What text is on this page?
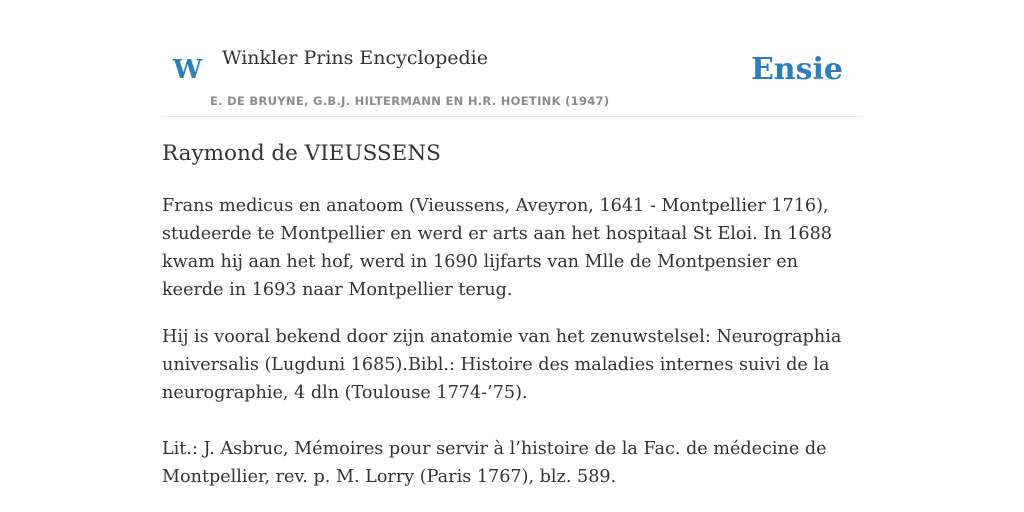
W Winkler Prins Encyclopedie
E. DE BRUYNE, G.B.J. HILTERMANN EN H.R. HOETINK (1947)
Ensie
Raymond de VIEUSSENS

Frans medicus en anatoom (Vieussens, Aveyron, 1641 - Montpellier 1716), studeerde te Montpellier en werd er arts aan het hospitaal St Eloi. In 1688 kwam hij aan het hof, werd in 1690 lijfarts van Mlle de Montpensier en keerde in 1693 naar Montpellier terug.

Hij is vooral bekend door zijn anatomie van het zenuwstelsel: Neurographia universalis (Lugduni 1685).Bibl.: Histoire des maladies internes suivi de la neurographie, 4 dln (Toulouse 1774-’75).

Lit.: J. Asbruc, Mémoires pour servir à l’histoire de la Fac. de médecine de Montpellier, rev. p. M. Lorry (Paris 1767), blz. 589.
